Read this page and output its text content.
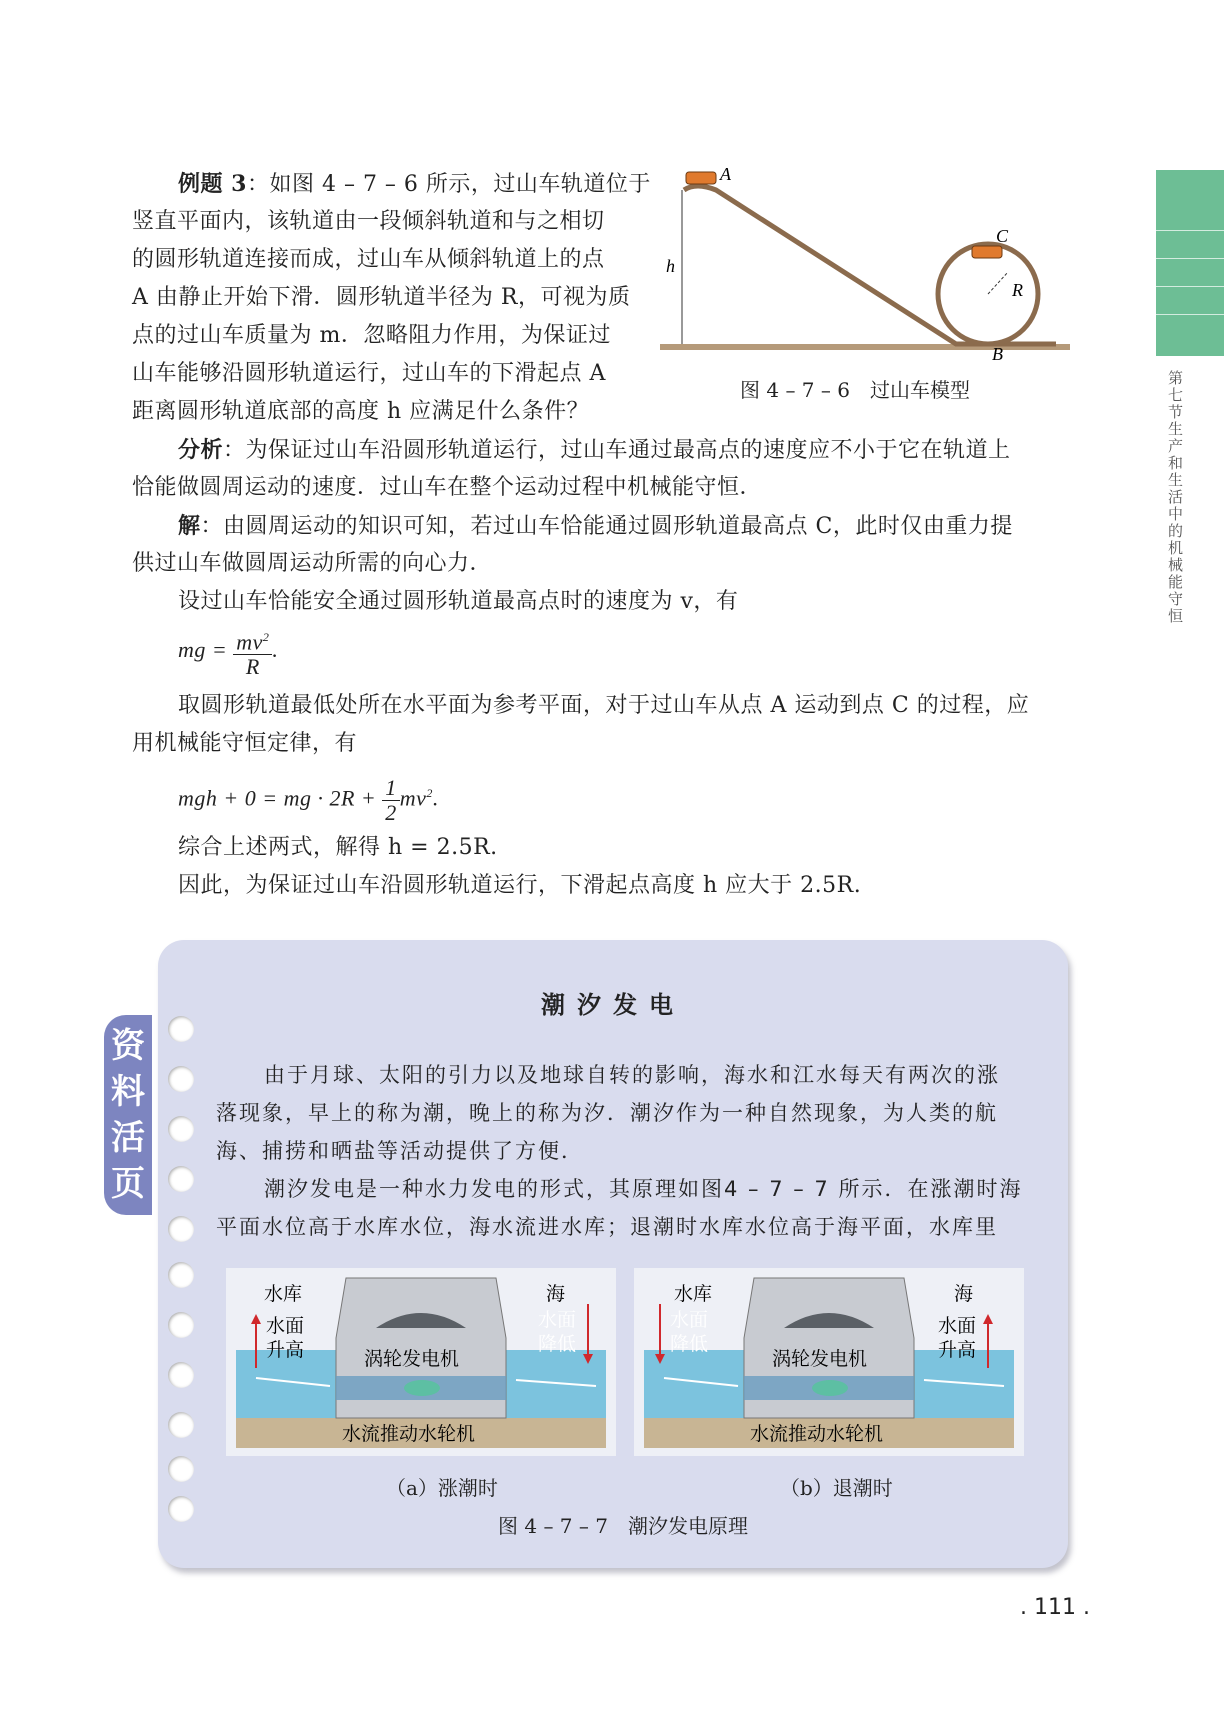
第七节 生产和生活中的机械能守恒
例题 3：如图 4 – 7 – 6 所示，过山车轨道位于
竖直平面内，该轨道由一段倾斜轨道和与之相切
的圆形轨道连接而成，过山车从倾斜轨道上的点
A 由静止开始下滑．圆形轨道半径为 R，可视为质
点的过山车质量为 m．忽略阻力作用，为保证过
山车能够沿圆形轨道运行，过山车的下滑起点 A
距离圆形轨道底部的高度 h 应满足什么条件？
A
h
C
R
B
图 4 – 7 – 6　过山车模型
分析：为保证过山车沿圆形轨道运行，过山车通过最高点的速度应不小于它在轨道上
恰能做圆周运动的速度．过山车在整个运动过程中机械能守恒．
解：由圆周运动的知识可知，若过山车恰能通过圆形轨道最高点 C，此时仅由重力提
供过山车做圆周运动所需的向心力．
设过山车恰能安全通过圆形轨道最高点时的速度为 v，有
mg = $\frac{mv^2}{R}$ .
取圆形轨道最低处所在水平面为参考平面，对于过山车从点 A 运动到点 C 的过程，应
用机械能守恒定律，有
mgh + 0 = mg · $2R + \frac{1}{2} mv^2$.
综合上述两式，解得 h = 2.5R.
因此，为保证过山车沿圆形轨道运行，下滑起点高度 h 应大于 2.5R.
资料活页
潮汐发电
由于月球、太阳的引力以及地球自转的影响，海水和江水每天有两次的涨
落现象，早上的称为潮，晚上的称为汐．潮汐作为一种自然现象，为人类的航
海、捕捞和晒盐等活动提供了方便．
潮汐发电是一种水力发电的形式，其原理如图4 – 7 – 7 所示．在涨潮时海
平面水位高于水库水位，海水流进水库；退潮时水库水位高于海平面，水库里
水库	海
水面
升高
水面
降低
涡轮发电机
水流推动水轮机
（a）涨潮时
水库	海
水面
降低
水面
升高
涡轮发电机
水流推动水轮机
（b）退潮时
图 4 – 7 – 7　潮汐发电原理
. 111 .
